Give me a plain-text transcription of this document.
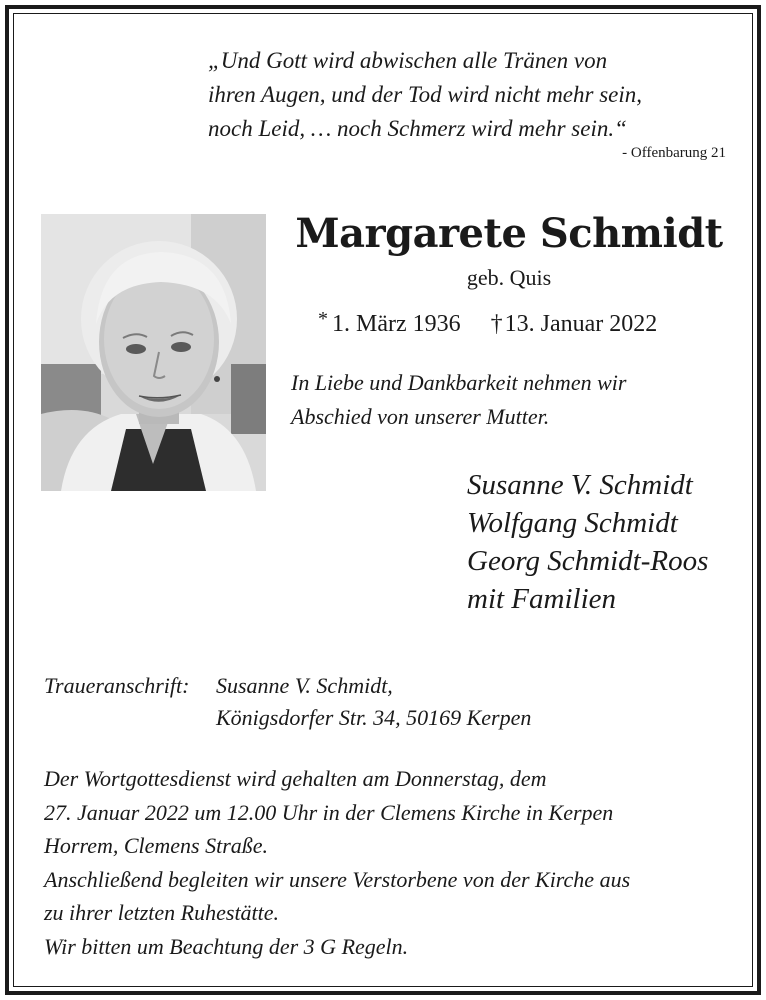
„Und Gott wird abwischen alle Tränen von
ihren Augen, und der Tod wird nicht mehr sein,
noch Leid, … noch Schmerz wird mehr sein.“
- Offenbarung 21
Margarete Schmidt
geb. Quis
* 1. März 1936 †13. Januar 2022
In Liebe und Dankbarkeit nehmen wir
Abschied von unserer Mutter.
Susanne V. Schmidt
Wolfgang Schmidt
Georg Schmidt-Roos
mit Familien
Traueranschrift: Susanne V. Schmidt,
Königsdorfer Str. 34, 50169 Kerpen
Der Wortgottesdienst wird gehalten am Donnerstag, dem
27. Januar 2022 um 12.00 Uhr in der Clemens Kirche in Kerpen
Horrem, Clemens Straße.
Anschließend begleiten wir unsere Verstorbene von der Kirche aus
zu ihrer letzten Ruhestätte.
Wir bitten um Beachtung der 3 G Regeln.
